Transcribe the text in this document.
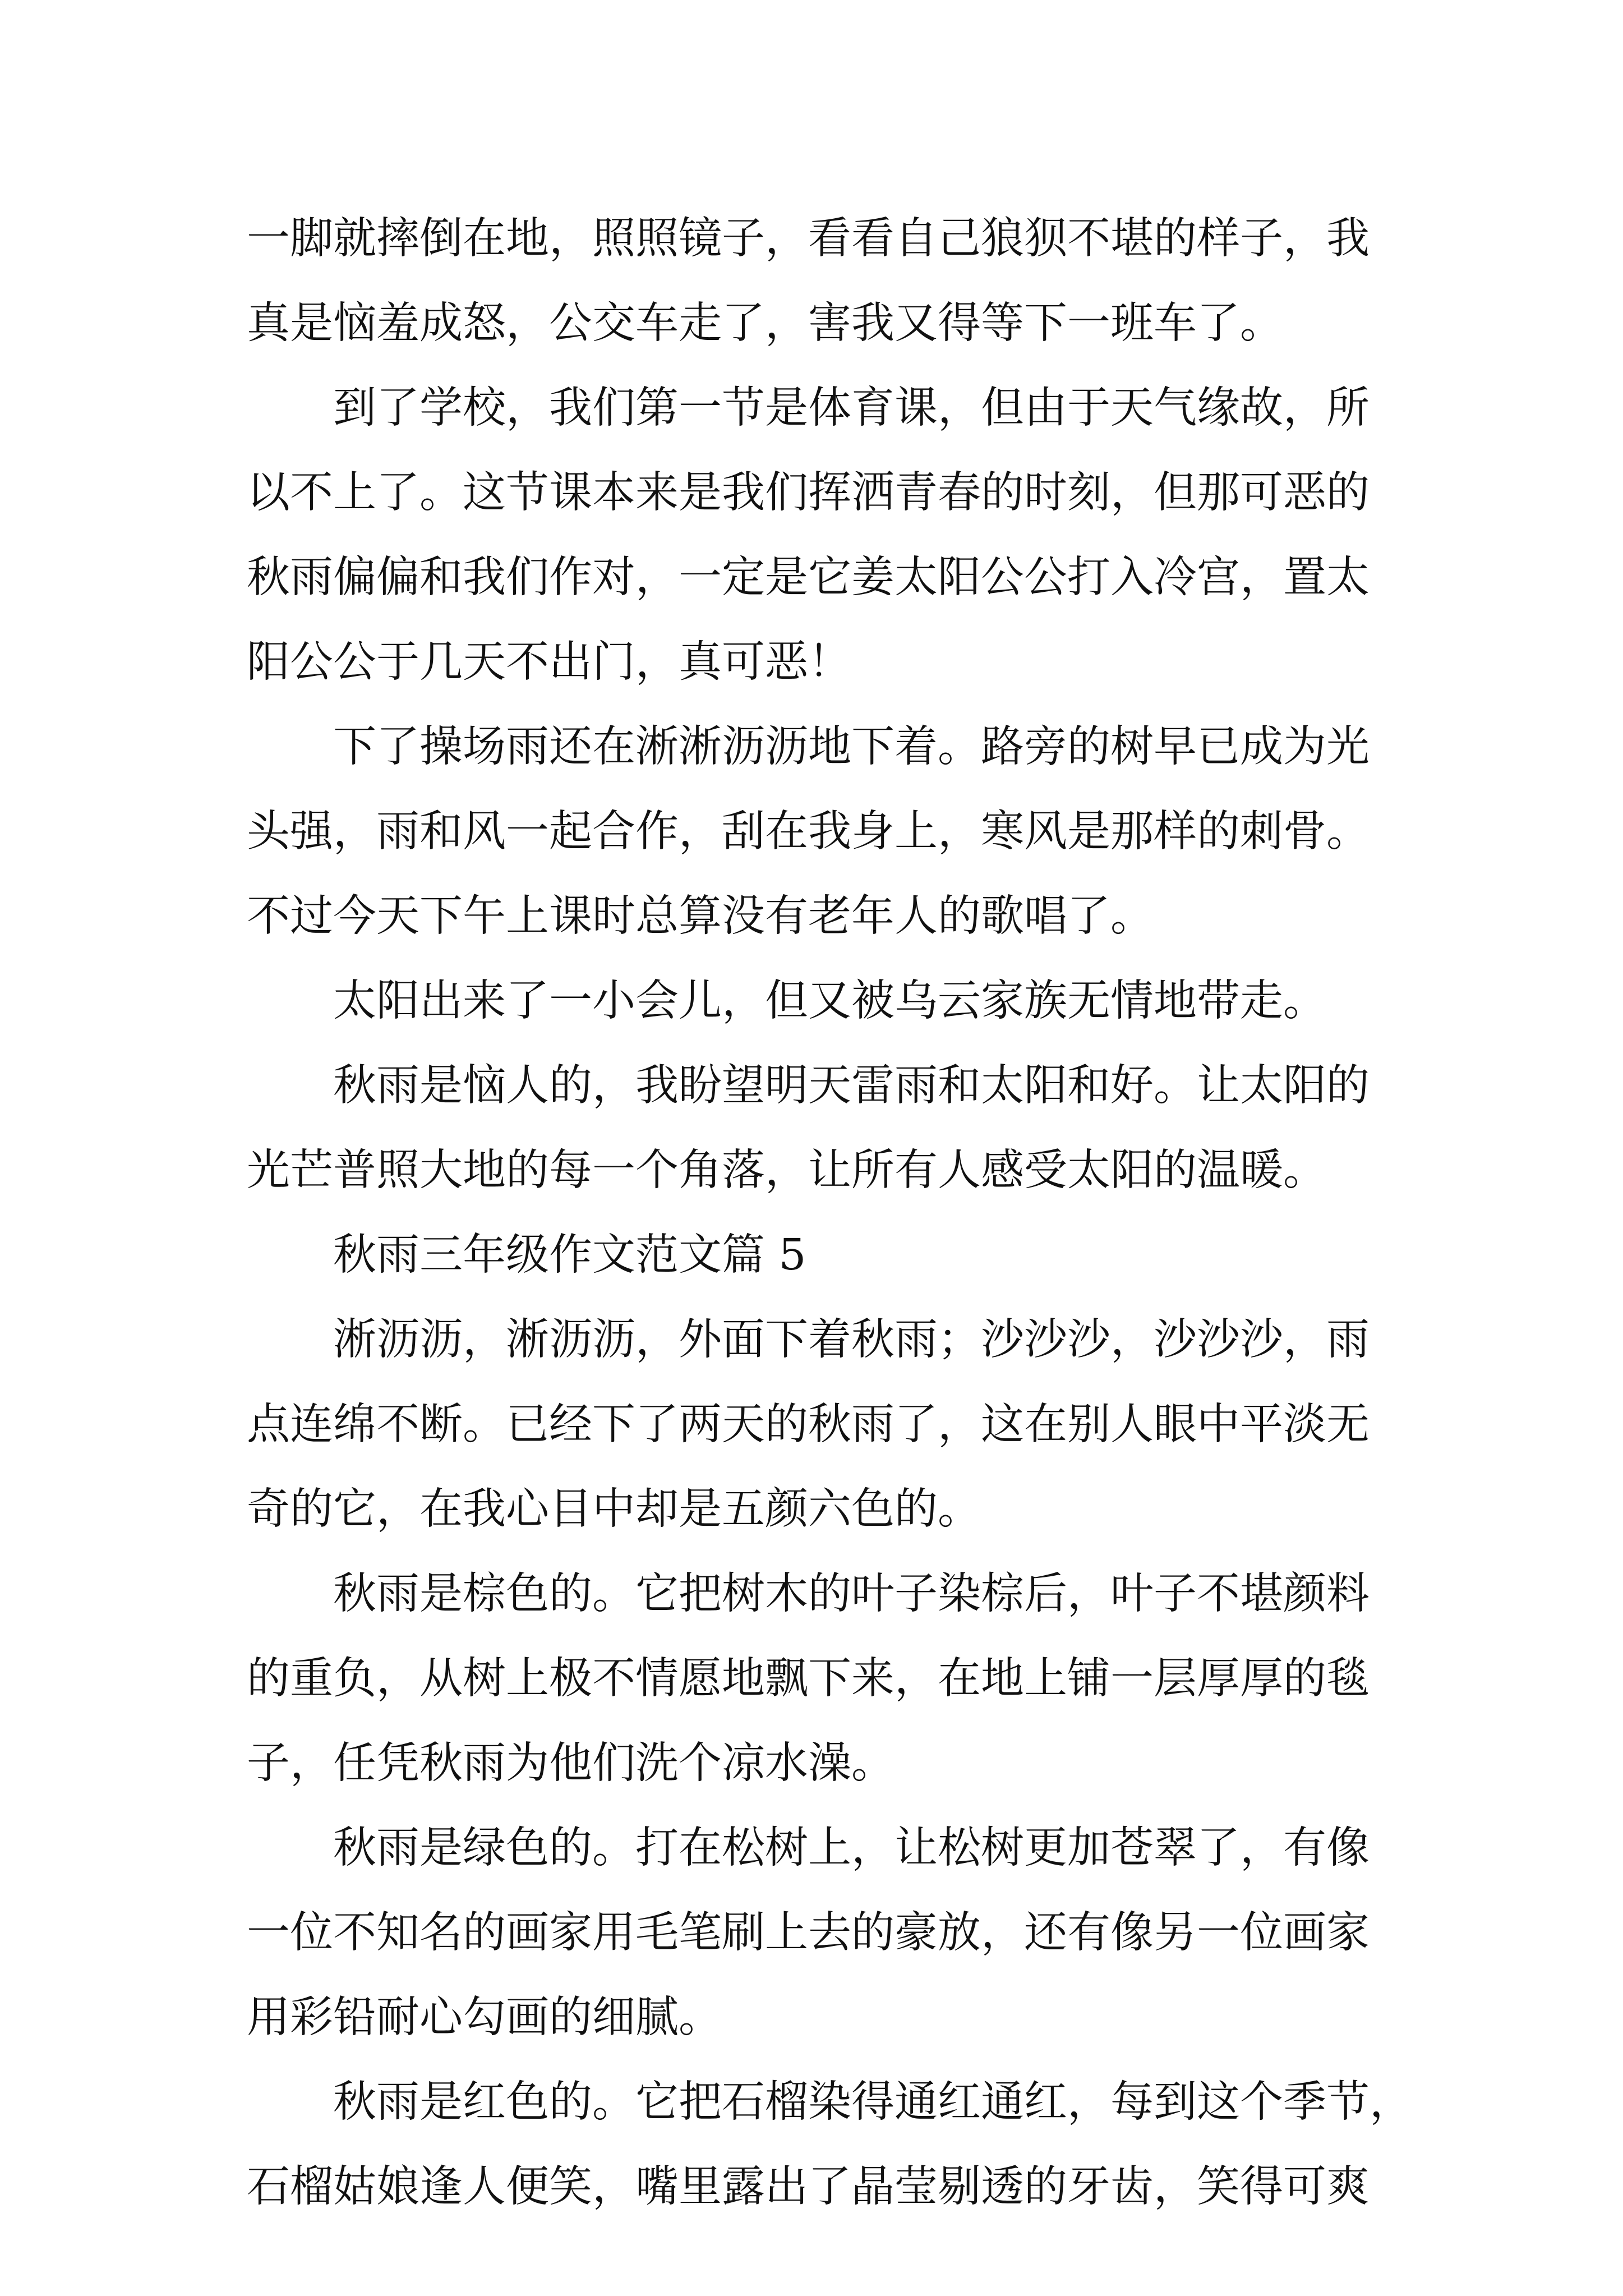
一脚就摔倒在地，照照镜子，看看自己狼狈不堪的样子，我
真是恼羞成怒，公交车走了，害我又得等下一班车了。

到了学校，我们第一节是体育课，但由于天气缘故，所
以不上了。这节课本来是我们挥洒青春的时刻，但那可恶的
秋雨偏偏和我们作对，一定是它姜太阳公公打入冷宫，置太
阳公公于几天不出门，真可恶！

下了操场雨还在淅淅沥沥地下着。路旁的树早已成为光
头强，雨和风一起合作，刮在我身上，寒风是那样的刺骨。
不过今天下午上课时总算没有老年人的歌唱了。

太阳出来了一小会儿，但又被乌云家族无情地带走。

秋雨是恼人的，我盼望明天雷雨和太阳和好。让太阳的
光芒普照大地的每一个角落，让所有人感受太阳的温暖。

秋雨三年级作文范文篇 5

淅沥沥，淅沥沥，外面下着秋雨；沙沙沙，沙沙沙，雨
点连绵不断。已经下了两天的秋雨了，这在别人眼中平淡无
奇的它，在我心目中却是五颜六色的。

秋雨是棕色的。它把树木的叶子染棕后，叶子不堪颜料
的重负，从树上极不情愿地飘下来，在地上铺一层厚厚的毯
子，任凭秋雨为他们洗个凉水澡。

秋雨是绿色的。打在松树上，让松树更加苍翠了，有像
一位不知名的画家用毛笔刷上去的豪放，还有像另一位画家
用彩铅耐心勾画的细腻。

秋雨是红色的。它把石榴染得通红通红，每到这个季节，
石榴姑娘逢人便笑，嘴里露出了晶莹剔透的牙齿，笑得可爽
